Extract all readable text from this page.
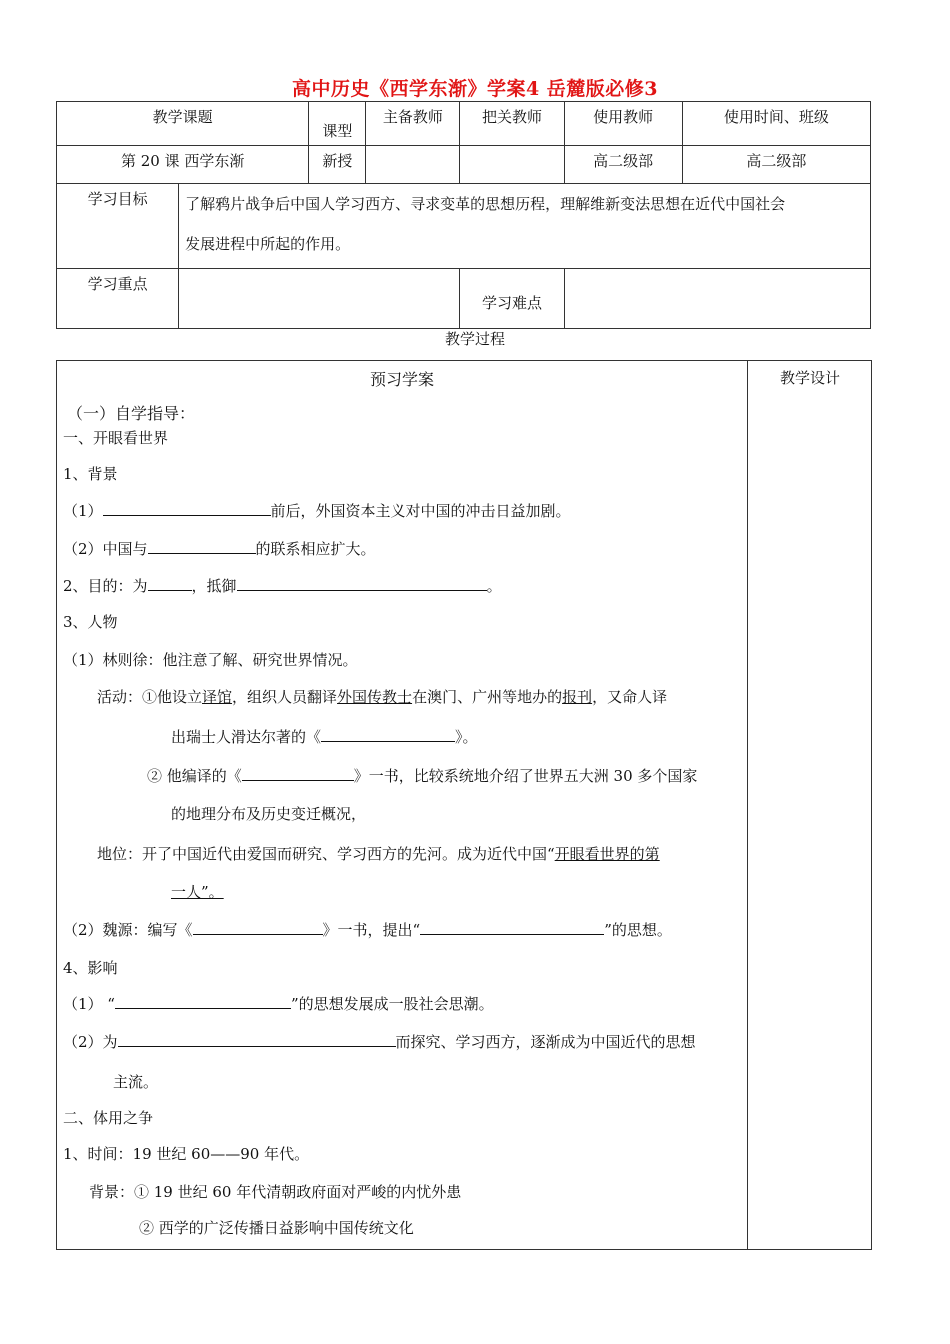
高中历史《西学东渐》学案4 岳麓版必修3
教学课题		课型	主备教师	把关教师	使用教师	使用时间、班级
第 20 课 西学东渐		新授			高二级部	高二级部
学习目标	了解鸦片战争后中国人学习西方、寻求变革的思想历程，理解维新变法思想在近代中国社会
发展进程中所起的作用。					

学习重点				学习难点		
教学过程
预习学案	教学设计
（一）自学指导：
一、开眼看世界
1、背景
（1）	前后，外国资本主义对中国的冲击日益加剧。
（2）中国与	的联系相应扩大。
2、目的：为	，抵御	。
3、人物
（1）林则徐：他注意了解、研究世界情况。
活动：①他设立译馆，组织人员翻译外国传教士在澳门、广州等地办的报刊，又命人译
出瑞士人滑达尔著的《	》。
② 他编译的《	》一书，比较系统地介绍了世界五大洲 30 多个国家
的地理分布及历史变迁概况，
地位：开了中国近代由爱国而研究、学习西方的先河。成为近代中国“开眼看世界的第
一人”。
（2）魏源：编写《	》一书，提出“	”的思想。
4、影响
（1） “	”的思想发展成一股社会思潮。
（2）为	而探究、学习西方，逐渐成为中国近代的思想
主流。
二、体用之争
1、时间：19 世纪 60——90 年代。
背景：① 19 世纪 60 年代清朝政府面对严峻的内忧外患
② 西学的广泛传播日益影响中国传统文化
